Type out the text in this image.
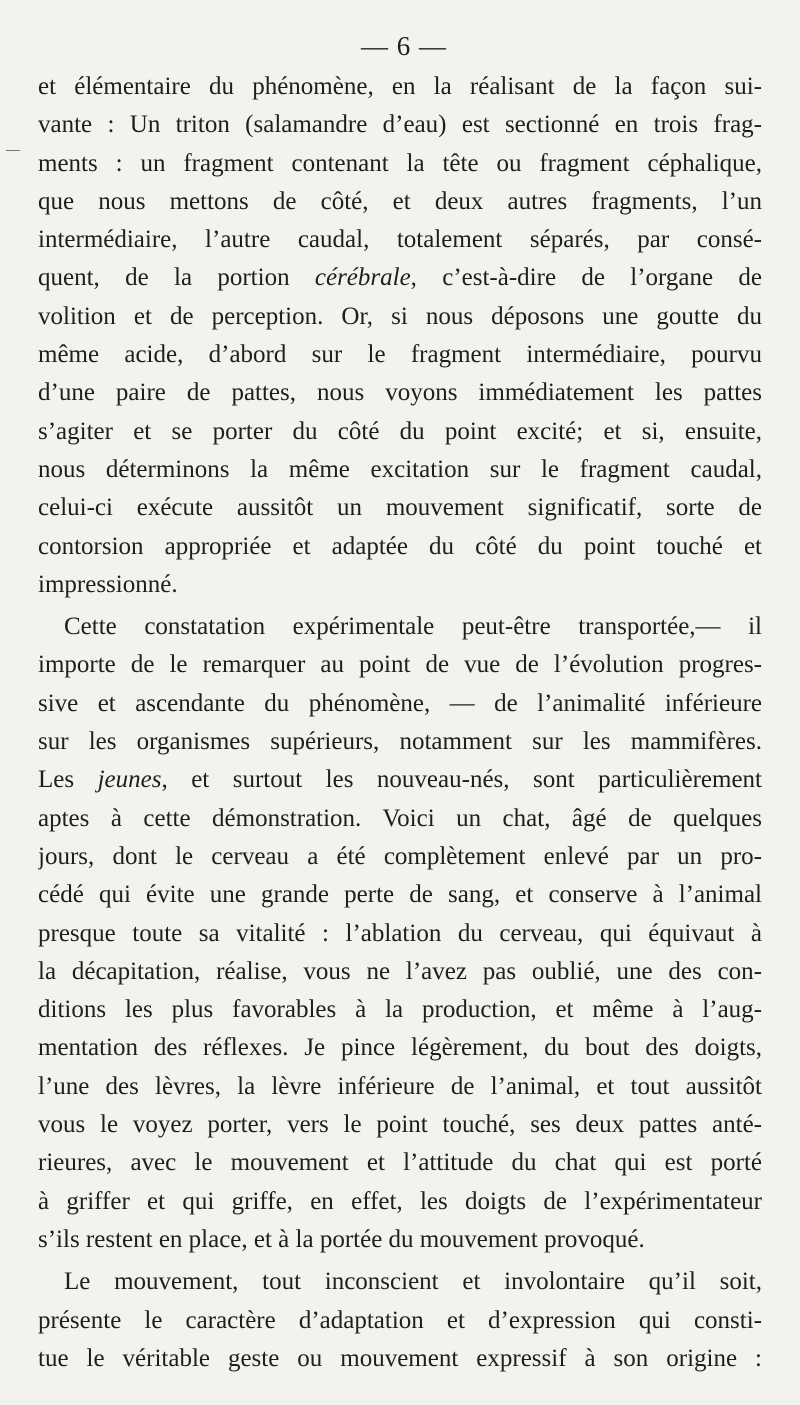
— 6 —
et élémentaire du phénomène, en la réalisant de la façon sui-
vante : Un triton (salamandre d’eau) est sectionné en trois frag-
ments : un fragment contenant la tête ou fragment céphalique,
que nous mettons de côté, et deux autres fragments, l’un
intermédiaire, l’autre caudal, totalement séparés, par consé-
quent, de la portion cérébrale, c’est-à-dire de l’organe de
volition et de perception. Or, si nous déposons une goutte du
même acide, d’abord sur le fragment intermédiaire, pourvu
d’une paire de pattes, nous voyons immédiatement les pattes
s’agiter et se porter du côté du point excité; et si, ensuite,
nous déterminons la même excitation sur le fragment caudal,
celui-ci exécute aussitôt un mouvement significatif, sorte de
contorsion appropriée et adaptée du côté du point touché et
impressionné.
Cette constatation expérimentale peut-être transportée,— il
importe de le remarquer au point de vue de l’évolution progres-
sive et ascendante du phénomène, — de l’animalité inférieure
sur les organismes supérieurs, notamment sur les mammifères.
Les jeunes, et surtout les nouveau-nés, sont particulièrement
aptes à cette démonstration. Voici un chat, âgé de quelques
jours, dont le cerveau a été complètement enlevé par un pro-
cédé qui évite une grande perte de sang, et conserve à l’animal
presque toute sa vitalité : l’ablation du cerveau, qui équivaut à
la décapitation, réalise, vous ne l’avez pas oublié, une des con-
ditions les plus favorables à la production, et même à l’aug-
mentation des réflexes. Je pince légèrement, du bout des doigts,
l’une des lèvres, la lèvre inférieure de l’animal, et tout aussitôt
vous le voyez porter, vers le point touché, ses deux pattes anté-
rieures, avec le mouvement et l’attitude du chat qui est porté
à griffer et qui griffe, en effet, les doigts de l’expérimentateur
s’ils restent en place, et à la portée du mouvement provoqué.
Le mouvement, tout inconscient et involontaire qu’il soit,
présente le caractère d’adaptation et d’expression qui consti-
tue le véritable geste ou mouvement expressif à son origine :
